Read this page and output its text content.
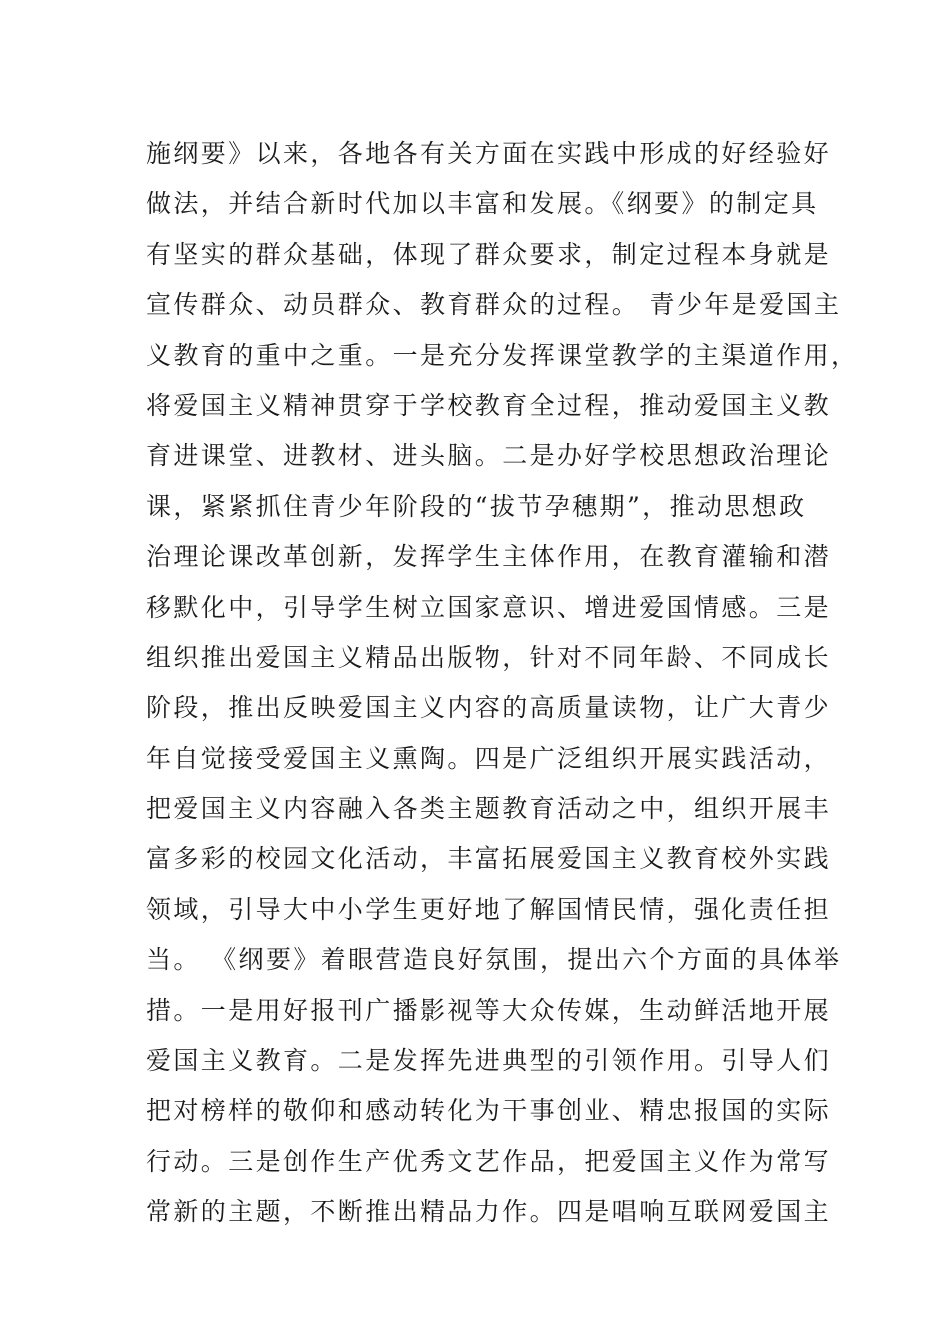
施纲要》以来，各地各有关方面在实践中形成的好经验好
做法，并结合新时代加以丰富和发展。《纲要》的制定具
有坚实的群众基础，体现了群众要求，制定过程本身就是
宣传群众、动员群众、教育群众的过程。 青少年是爱国主
义教育的重中之重。一是充分发挥课堂教学的主渠道作用，
将爱国主义精神贯穿于学校教育全过程，推动爱国主义教
育进课堂、进教材、进头脑。二是办好学校思想政治理论
课，紧紧抓住青少年阶段的“拔节孕穗期”，推动思想政
治理论课改革创新，发挥学生主体作用，在教育灌输和潜
移默化中，引导学生树立国家意识、增进爱国情感。三是
组织推出爱国主义精品出版物，针对不同年龄、不同成长
阶段，推出反映爱国主义内容的高质量读物，让广大青少
年自觉接受爱国主义熏陶。四是广泛组织开展实践活动，
把爱国主义内容融入各类主题教育活动之中，组织开展丰
富多彩的校园文化活动，丰富拓展爱国主义教育校外实践
领域，引导大中小学生更好地了解国情民情，强化责任担
当。 《纲要》着眼营造良好氛围，提出六个方面的具体举
措。一是用好报刊广播影视等大众传媒，生动鲜活地开展
爱国主义教育。二是发挥先进典型的引领作用。引导人们
把对榜样的敬仰和感动转化为干事创业、精忠报国的实际
行动。三是创作生产优秀文艺作品，把爱国主义作为常写
常新的主题，不断推出精品力作。四是唱响互联网爱国主
